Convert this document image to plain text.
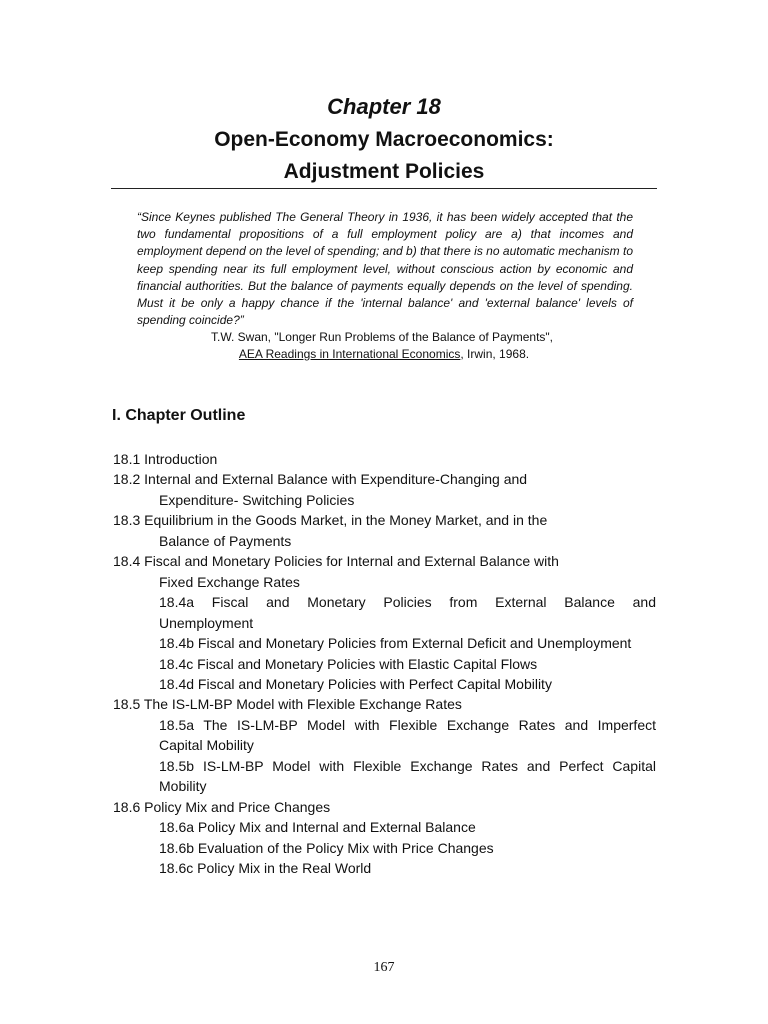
Chapter 18
Open-Economy Macroeconomics:
Adjustment Policies
“Since Keynes published The General Theory in 1936, it has been widely accepted that the two fundamental propositions of a full employment policy are a) that incomes and employment depend on the level of spending; and b) that there is no automatic mechanism to keep spending near its full employment level, without conscious action by economic and financial authorities. But the balance of payments equally depends on the level of spending. Must it be only a happy chance if the 'internal balance' and 'external balance' levels of spending coincide?”
T.W. Swan, "Longer Run Problems of the Balance of Payments",
AEA Readings in International Economics, Irwin, 1968.
I. Chapter Outline
18.1 Introduction
18.2 Internal and External Balance with Expenditure-Changing and
Expenditure- Switching Policies
18.3 Equilibrium in the Goods Market, in the Money Market, and in the
Balance of Payments
18.4 Fiscal and Monetary Policies for Internal and External Balance with
Fixed Exchange Rates
18.4a Fiscal and Monetary Policies from External Balance and
Unemployment
18.4b Fiscal and Monetary Policies from External Deficit and Unemployment
18.4c Fiscal and Monetary Policies with Elastic Capital Flows
18.4d Fiscal and Monetary Policies with Perfect Capital Mobility
18.5 The IS-LM-BP Model with Flexible Exchange Rates
18.5a The IS-LM-BP Model with Flexible Exchange Rates and Imperfect
Capital Mobility
18.5b IS-LM-BP Model with Flexible Exchange Rates and Perfect Capital
Mobility
18.6 Policy Mix and Price Changes
18.6a Policy Mix and Internal and External Balance
18.6b Evaluation of the Policy Mix with Price Changes
18.6c Policy Mix in the Real World
167
